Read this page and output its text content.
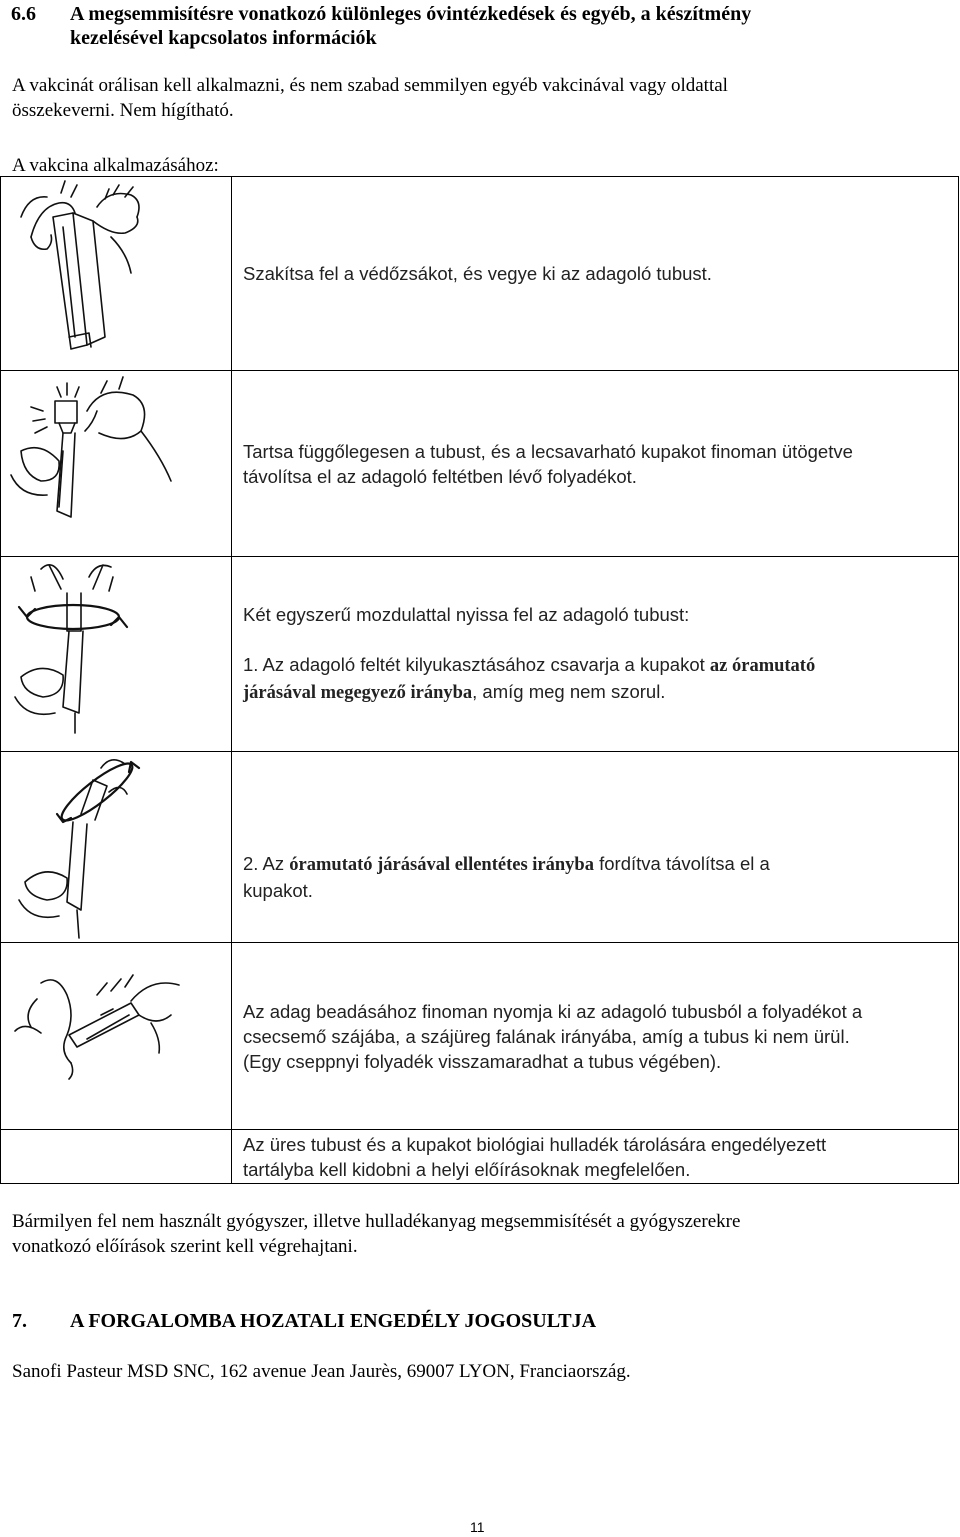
6.6 A megsemmisítésre vonatkozó különleges óvintézkedések és egyéb, a készítmény
kezelésével kapcsolatos információk
A vakcinát orálisan kell alkalmazni, és nem szabad semmilyen egyéb vakcinával vagy oldattal
összekeverni. Nem hígítható.
A vakcina alkalmazásához:

Szakítsa fel a védőzsákot, és vegye ki az adagoló tubust.

Tartsa függőlegesen a tubust, és a lecsavarható kupakot finoman ütögetve
távolítsa el az adagoló feltétben lévő folyadékot.

Két egyszerű mozdulattal nyissa fel az adagoló tubust:
1. Az adagoló feltét kilyukasztásához csavarja a kupakot az óramutató
járásával megegyező irányba, amíg meg nem szorul.

2. Az óramutató járásával ellentétes irányba fordítva távolítsa el a
kupakot.

Az adag beadásához finoman nyomja ki az adagoló tubusból a folyadékot a
csecsemő szájába, a szájüreg falának irányába, amíg a tubus ki nem ürül.
(Egy cseppnyi folyadék visszamaradhat a tubus végében).

	Az üres tubust és a kupakot biológiai hulladék tárolására engedélyezett
tartályba kell kidobni a helyi előírásoknak megfelelően.
Bármilyen fel nem használt gyógyszer, illetve hulladékanyag megsemmisítését a gyógyszerekre
vonatkozó előírások szerint kell végrehajtani.
7. A FORGALOMBA HOZATALI ENGEDÉLY JOGOSULTJA
Sanofi Pasteur MSD SNC, 162 avenue Jean Jaurès, 69007 LYON, Franciaország.
11
